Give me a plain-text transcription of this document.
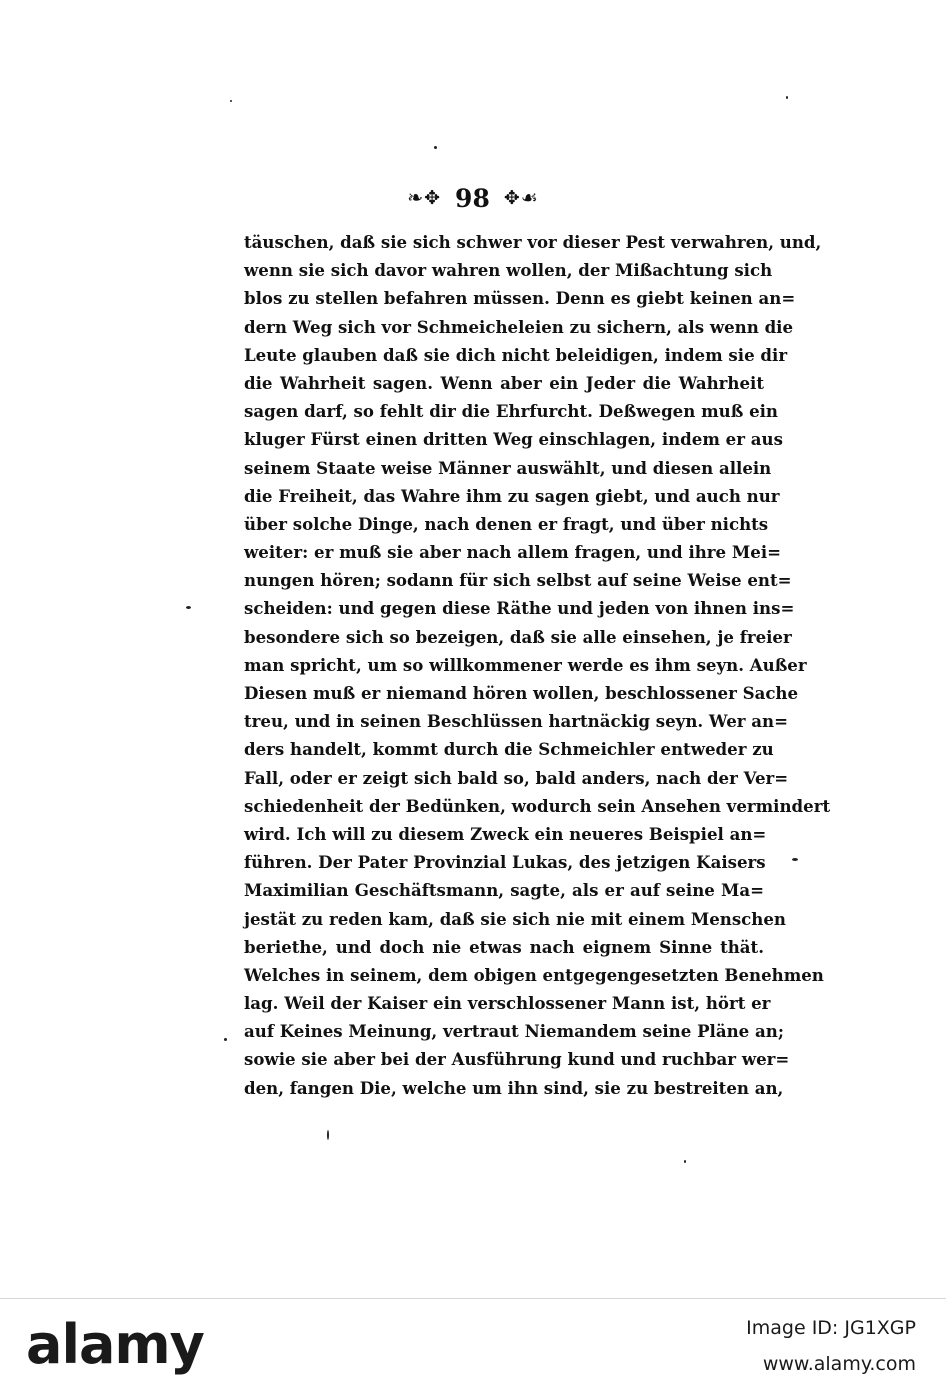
❧✥ 98 ✥☙
täuschen, daß sie sich schwer vor dieser Pest verwahren, und,
wenn sie sich davor wahren wollen, der Mißachtung sich
blos zu stellen befahren müssen. Denn es giebt keinen an=
dern Weg sich vor Schmeicheleien zu sichern, als wenn die
Leute glauben daß sie dich nicht beleidigen, indem sie dir
die Wahrheit sagen. Wenn aber ein Jeder die Wahrheit
sagen darf, so fehlt dir die Ehrfurcht. Deßwegen muß ein
kluger Fürst einen dritten Weg einschlagen, indem er aus
seinem Staate weise Männer auswählt, und diesen allein
die Freiheit, das Wahre ihm zu sagen giebt, und auch nur
über solche Dinge, nach denen er fragt, und über nichts
weiter: er muß sie aber nach allem fragen, und ihre Mei=
nungen hören; sodann für sich selbst auf seine Weise ent=
scheiden: und gegen diese Räthe und jeden von ihnen ins=
besondere sich so bezeigen, daß sie alle einsehen, je freier
man spricht, um so willkommener werde es ihm seyn. Außer
Diesen muß er niemand hören wollen, beschlossener Sache
treu, und in seinen Beschlüssen hartnäckig seyn. Wer an=
ders handelt, kommt durch die Schmeichler entweder zu
Fall, oder er zeigt sich bald so, bald anders, nach der Ver=
schiedenheit der Bedünken, wodurch sein Ansehen vermindert
wird. Ich will zu diesem Zweck ein neueres Beispiel an=
führen. Der Pater Provinzial Lukas, des jetzigen Kaisers
Maximilian Geschäftsmann, sagte, als er auf seine Ma=
jestät zu reden kam, daß sie sich nie mit einem Menschen
beriethe, und doch nie etwas nach eignem Sinne thät.
Welches in seinem, dem obigen entgegengesetzten Benehmen
lag. Weil der Kaiser ein verschlossener Mann ist, hört er
auf Keines Meinung, vertraut Niemandem seine Pläne an;
sowie sie aber bei der Ausführung kund und ruchbar wer=
den, fangen Die, welche um ihn sind, sie zu bestreiten an,
alamy	Image ID: JG1XGP
www.alamy.com
